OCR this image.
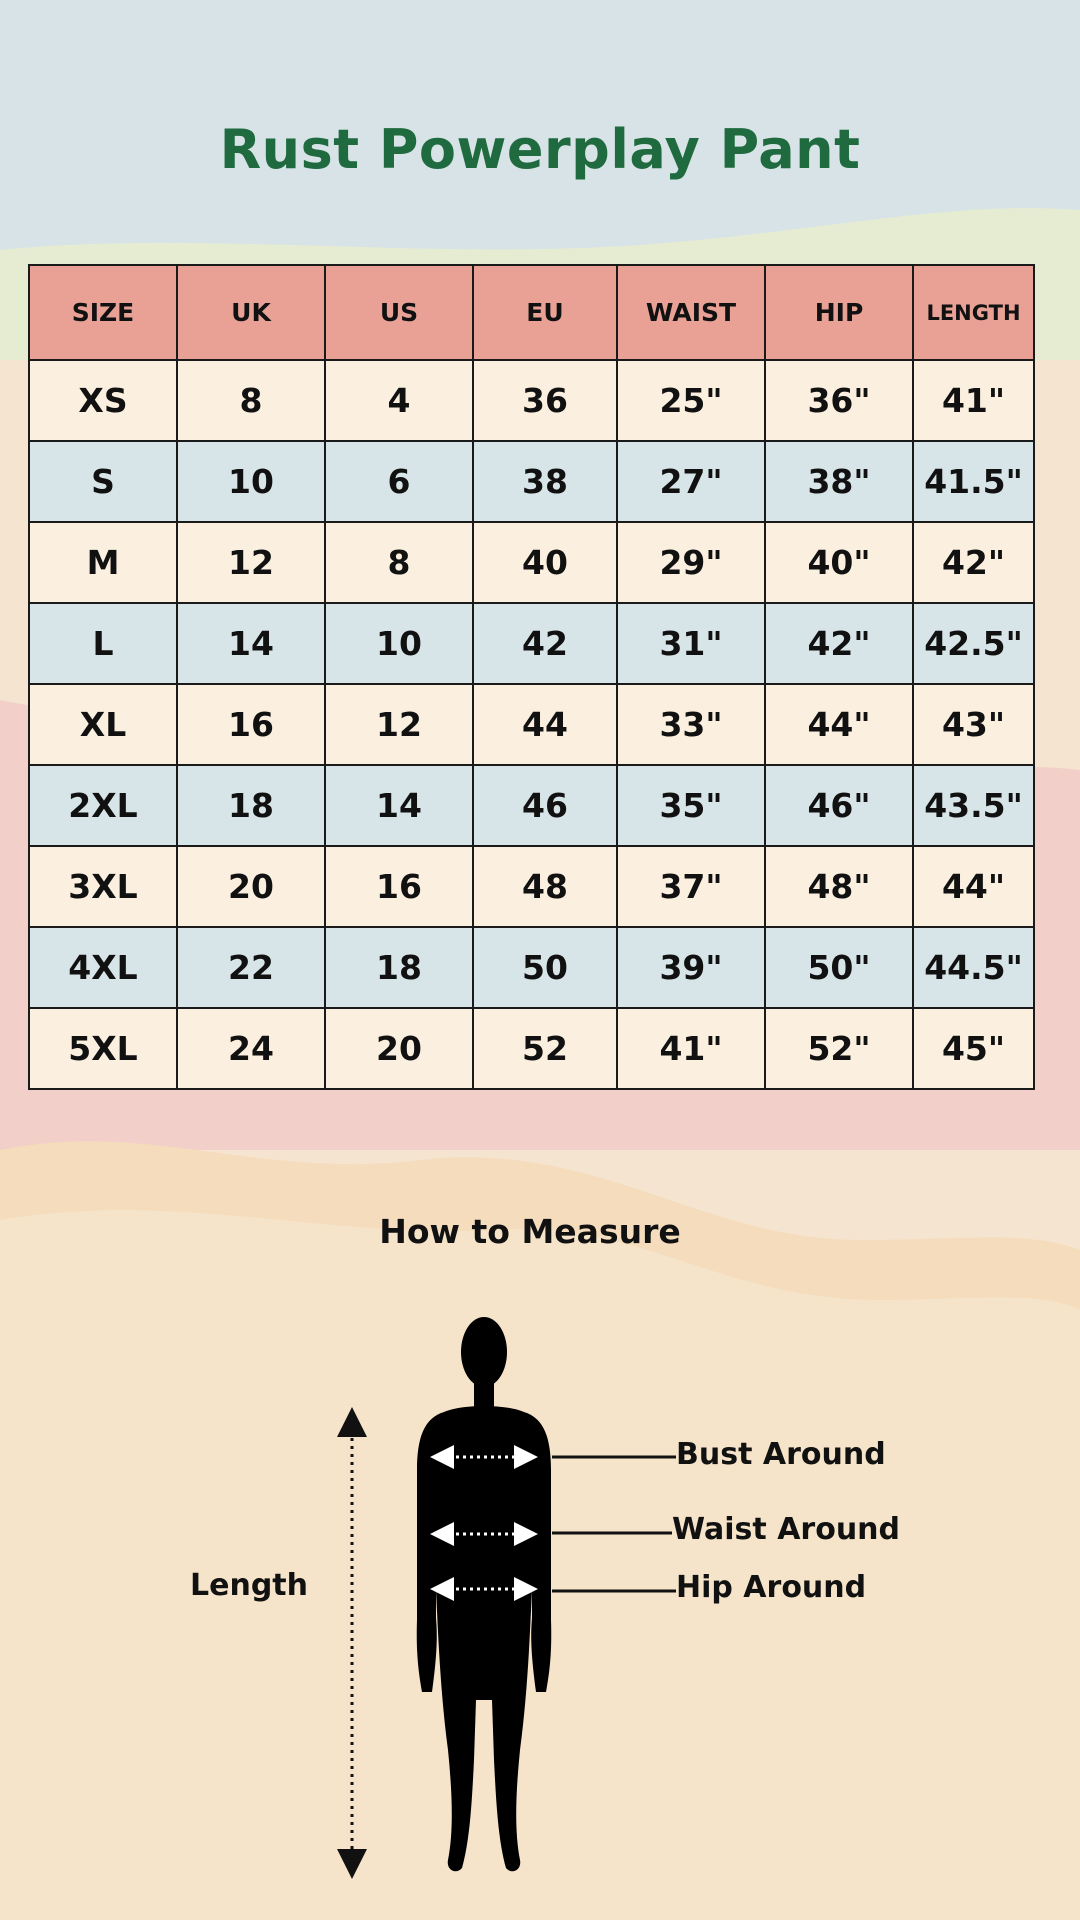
Rust Powerplay Pant
SIZE	UK	US	EU	WAIST	HIP	LENGTH
XS	8	4	36	25"	36"	41"
S	10	6	38	27"	38"	41.5"
M	12	8	40	29"	40"	42"
L	14	10	42	31"	42"	42.5"
XL	16	12	44	33"	44"	43"
2XL	18	14	46	35"	46"	43.5"
3XL	20	16	48	37"	48"	44"
4XL	22	18	50	39"	50"	44.5"
5XL	24	20	52	41"	52"	45"
How to Measure
Length
Bust Around
Waist Around
Hip Around
